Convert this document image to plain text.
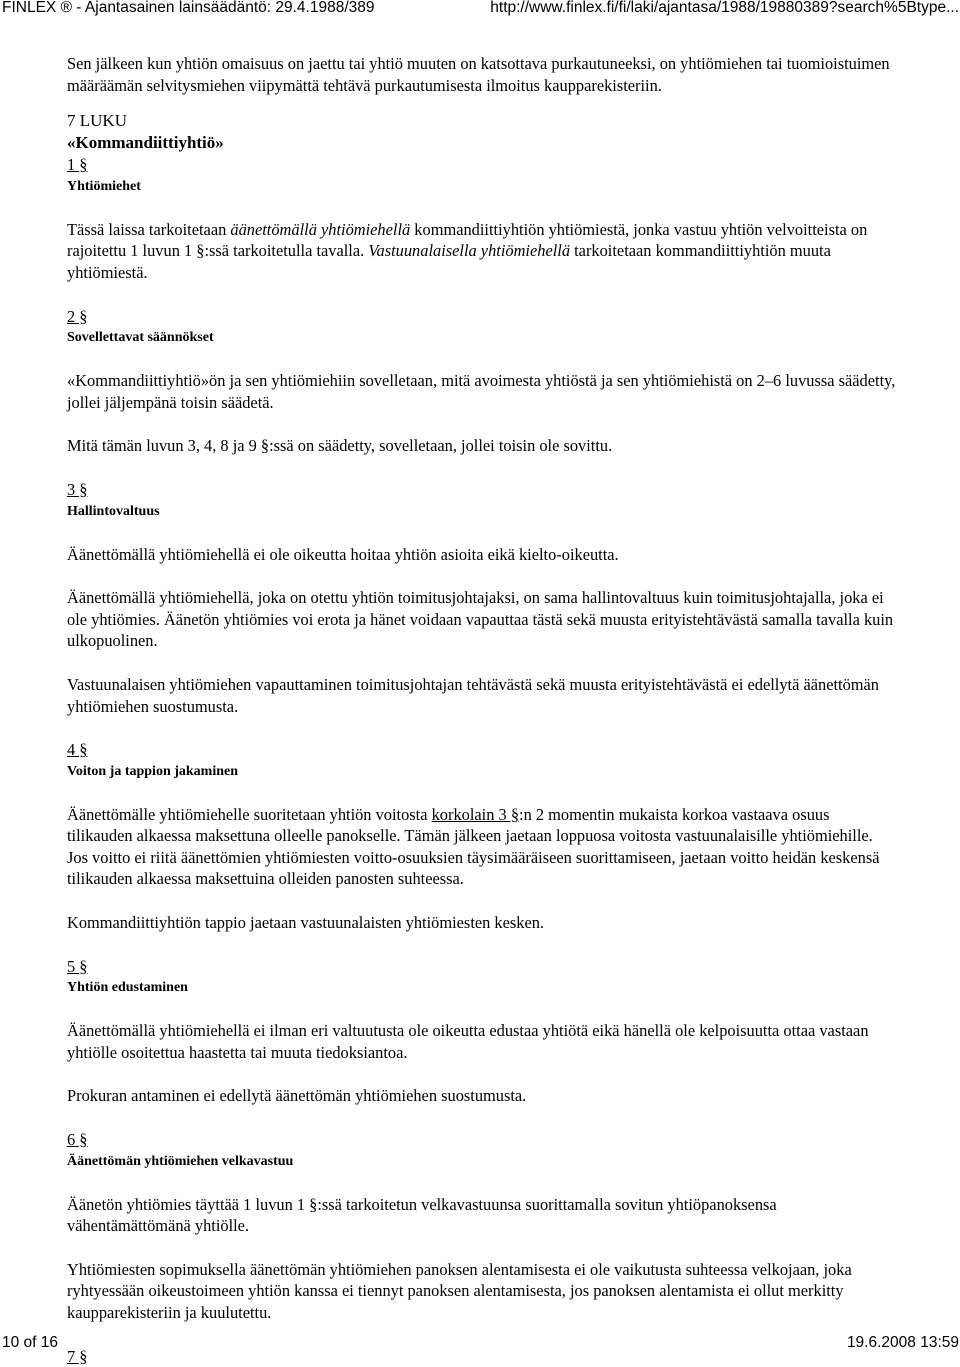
FINLEX ® - Ajantasainen lainsäädäntö: 29.4.1988/389	http://www.finlex.fi/fi/laki/ajantasa/1988/19880389?search%5Btype...

Sen jälkeen kun yhtiön omaisuus on jaettu tai yhtiö muuten on katsottava purkautuneeksi, on yhtiömiehen tai tuomioistuimen määräämän selvitysmiehen viipymättä tehtävä purkautumisesta ilmoitus kaupparekisteriin.

7 LUKU
«Kommandiittiyhtiö»
1 §
Yhtiömiehet

Tässä laissa tarkoitetaan äänettömällä yhtiömiehellä kommandiittiyhtiön yhtiömiestä, jonka vastuu yhtiön velvoitteista on rajoitettu 1 luvun 1 §:ssä tarkoitetulla tavalla. Vastuunalaisella yhtiömiehellä tarkoitetaan kommandiittiyhtiön muuta yhtiömiestä.

2 §
Sovellettavat säännökset

«Kommandiittiyhtiö»ön ja sen yhtiömiehiin sovelletaan, mitä avoimesta yhtiöstä ja sen yhtiömiehistä on 2‒6 luvussa säädetty, jollei jäljempänä toisin säädetä.

Mitä tämän luvun 3, 4, 8 ja 9 §:ssä on säädetty, sovelletaan, jollei toisin ole sovittu.

3 §
Hallintovaltuus

Äänettömällä yhtiömiehellä ei ole oikeutta hoitaa yhtiön asioita eikä kielto-oikeutta.

Äänettömällä yhtiömiehellä, joka on otettu yhtiön toimitusjohtajaksi, on sama hallintovaltuus kuin toimitusjohtajalla, joka ei ole yhtiömies. Äänetön yhtiömies voi erota ja hänet voidaan vapauttaa tästä sekä muusta erityistehtävästä samalla tavalla kuin ulkopuolinen.

Vastuunalaisen yhtiömiehen vapauttaminen toimitusjohtajan tehtävästä sekä muusta erityistehtävästä ei edellytä äänettömän yhtiömiehen suostumusta.

4 §
Voiton ja tappion jakaminen

Äänettömälle yhtiömiehelle suoritetaan yhtiön voitosta korkolain 3 §:n 2 momentin mukaista korkoa vastaava osuus tilikauden alkaessa maksettuna olleelle panokselle. Tämän jälkeen jaetaan loppuosa voitosta vastuunalaisille yhtiömiehille. Jos voitto ei riitä äänettömien yhtiömiesten voitto-osuuksien täysimääräiseen suorittamiseen, jaetaan voitto heidän keskensä tilikauden alkaessa maksettuina olleiden panosten suhteessa.

Kommandiittiyhtiön tappio jaetaan vastuunalaisten yhtiömiesten kesken.

5 §
Yhtiön edustaminen

Äänettömällä yhtiömiehellä ei ilman eri valtuutusta ole oikeutta edustaa yhtiötä eikä hänellä ole kelpoisuutta ottaa vastaan yhtiölle osoitettua haastetta tai muuta tiedoksiantoa.

Prokuran antaminen ei edellytä äänettömän yhtiömiehen suostumusta.

6 §
Äänettömän yhtiömiehen velkavastuu

Äänetön yhtiömies täyttää 1 luvun 1 §:ssä tarkoitetun velkavastuunsa suorittamalla sovitun yhtiöpanoksensa vähentämättömänä yhtiölle.

Yhtiömiesten sopimuksella äänettömän yhtiömiehen panoksen alentamisesta ei ole vaikutusta suhteessa velkojaan, joka ryhtyessään oikeustoimeen yhtiön kanssa ei tiennyt panoksen alentamisesta, jos panoksen alentamista ei ollut merkitty kaupparekisteriin ja kuulutettu.

7 §
10 of 16	19.6.2008 13:59
